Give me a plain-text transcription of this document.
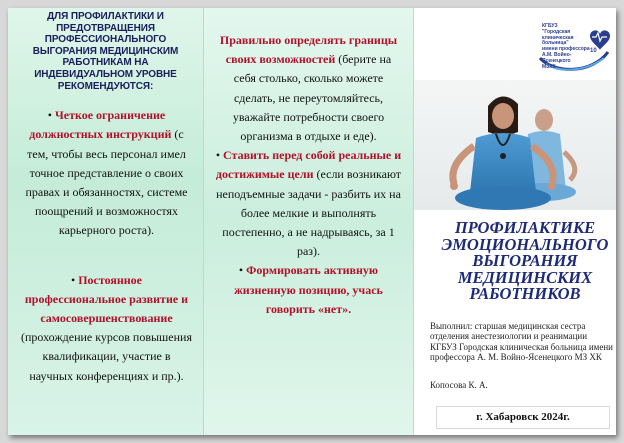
ДЛЯ ПРОФИЛАКТИКИ И ПРЕДОТВРАЩЕНИЯ ПРОФЕССИОНАЛЬНОГО ВЫГОРАНИЯ МЕДИЦИНСКИМ РАБОТНИКАМ НА ИНДЕВИДУАЛЬНОМ УРОВНЕ РЕКОМЕНДУЮТСЯ:
• Четкое ограничение должностных инструкций (с тем, чтобы весь персонал имел точное представление о своих правах и обязанностях, системе поощрений и возможностях карьерного роста).
• Постоянное профессиональное развитие и самосовершенствование (прохождение курсов повышения квалификации, участие в научных конференциях и пр.).
Правильно определять границы своих возможностей (берите на себя столько, сколько можете сделать, не переутомляйтесь, уважайте потребности своего организма в отдыхе и еде).
• Ставить перед собой реальные и достижимые цели (если возникают неподъемные задачи - разбить их на более мелкие и выполнять постепенно, а не надрываясь, за 1 раз).
• Формировать активную жизненную позицию, учась говорить «нет».
КГБУЗ
"Городская
клиническая
больница"
имени профессора
А.М. Войно-Ясенецкого
МЗХК
10
ПРОФИЛАКТИКЕ ЭМОЦИОНАЛЬНОГО ВЫГОРАНИЯ МЕДИЦИНСКИХ РАБОТНИКОВ
Выполнил: старшая медицинская сестра отделения анестезиологии и реанимации КГБУЗ Городская клиническая больница имени профессора А. М. Войно-Ясенецкого МЗ ХК
Копосова К. А.
г. Хабаровск 2024г.
